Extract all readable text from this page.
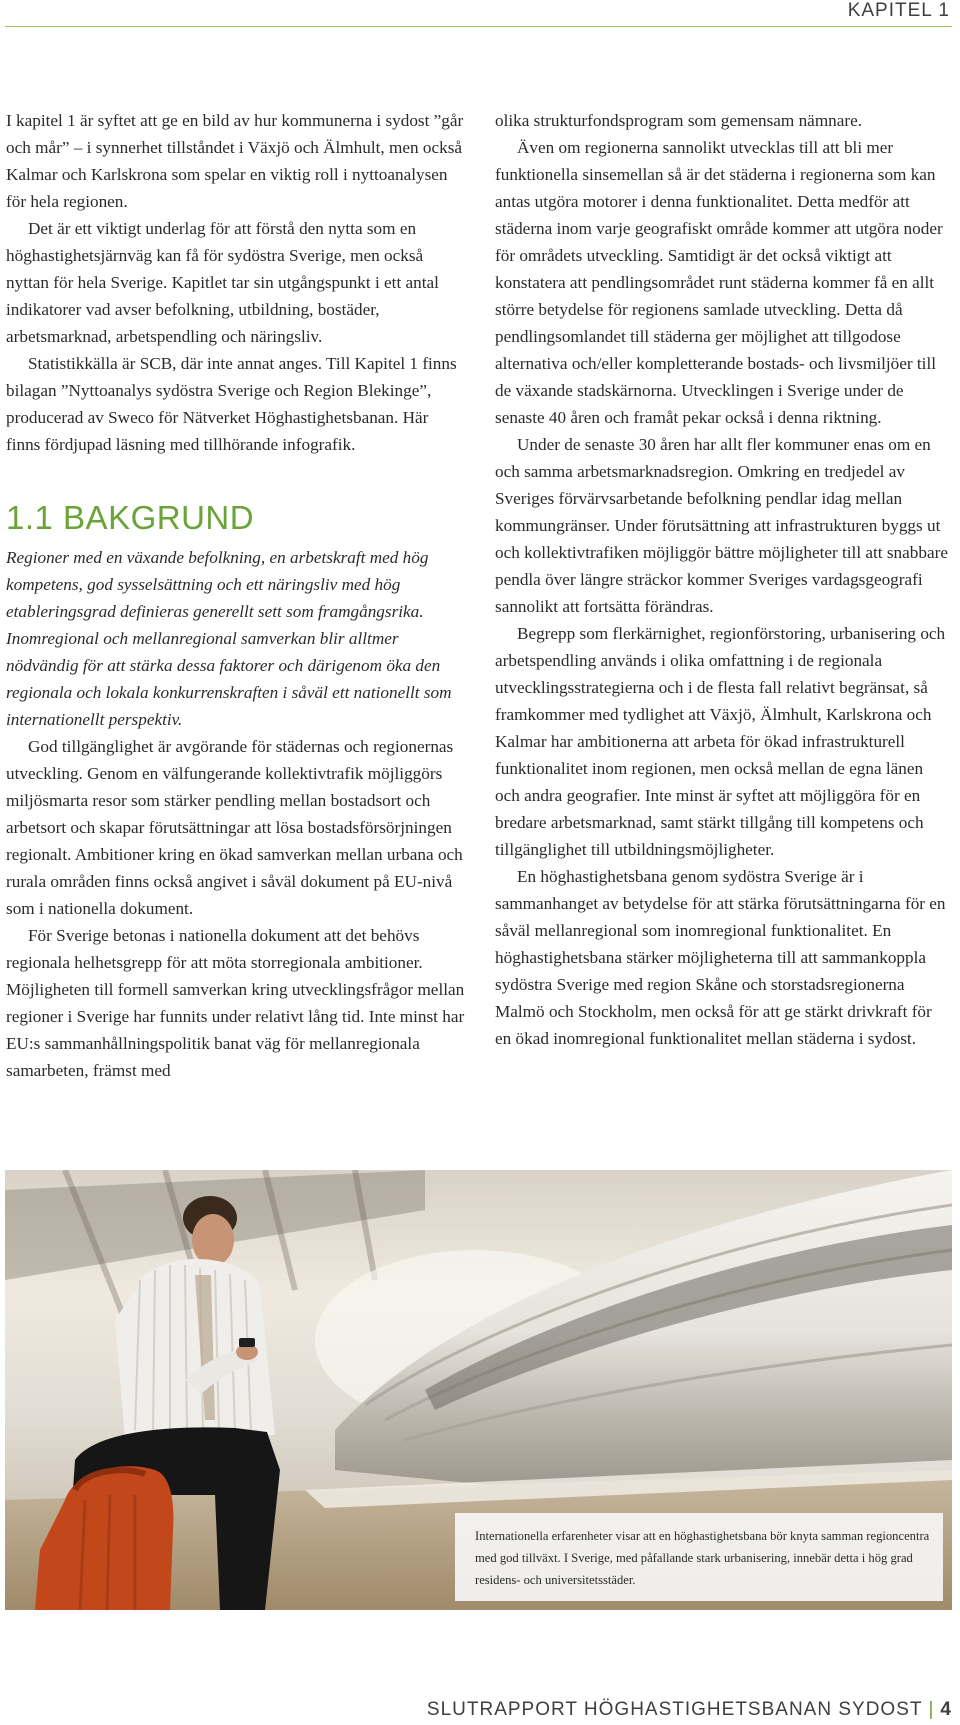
KAPITEL 1

I kapitel 1 är syftet att ge en bild av hur kommunerna i sydost ”går och mår” – i synnerhet tillståndet i Växjö och Älmhult, men också Kalmar och Karlskrona som spelar en viktig roll i nyttoanalysen för hela regionen.

Det är ett viktigt underlag för att förstå den nytta som en höghastighetsjärnväg kan få för sydöstra Sverige, men också nyttan för hela Sverige. Kapitlet tar sin utgångspunkt i ett antal indikatorer vad avser befolkning, utbildning, bostäder, arbetsmarknad, arbetspendling och näringsliv.

Statistikkälla är SCB, där inte annat anges. Till Kapitel 1 finns bilagan ”Nyttoanalys sydöstra Sverige och Region Blekinge”, producerad av Sweco för Nätverket Höghastighetsbanan. Här finns fördjupad läsning med tillhörande infografik.

1.1 BAKGRUND

Regioner med en växande befolkning, en arbetskraft med hög kompetens, god sysselsättning och ett näringsliv med hög etableringsgrad definieras generellt sett som framgångsrika. Inomregional och mellanregional samverkan blir alltmer nödvändig för att stärka dessa faktorer och därigenom öka den regionala och lokala konkurrenskraften i såväl ett nationellt som internationellt perspektiv.

God tillgänglighet är avgörande för städernas och regionernas utveckling. Genom en välfungerande kollektivtrafik möjliggörs miljösmarta resor som stärker pendling mellan bostadsort och arbetsort och skapar förutsättningar att lösa bostadsförsörjningen regionalt. Ambitioner kring en ökad samverkan mellan urbana och rurala områden finns också angivet i såväl dokument på EU-nivå som i nationella dokument.

För Sverige betonas i nationella dokument att det behövs regionala helhetsgrepp för att möta storregionala ambitioner. Möjligheten till formell samverkan kring utvecklingsfrågor mellan regioner i Sverige har funnits under relativt lång tid. Inte minst har EU:s sammanhållningspolitik banat väg för mellanregionala samarbeten, främst med

olika strukturfondsprogram som gemensam nämnare.

Även om regionerna sannolikt utvecklas till att bli mer funktionella sinsemellan så är det städerna i regionerna som kan antas utgöra motorer i denna funktionalitet. Detta medför att städerna inom varje geografiskt område kommer att utgöra noder för områdets utveckling. Samtidigt är det också viktigt att konstatera att pendlingsområdet runt städerna kommer få en allt större betydelse för regionens samlade utveckling. Detta då pendlingsomlandet till städerna ger möjlighet att tillgodose alternativa och/eller kompletterande bostads- och livsmiljöer till de växande stadskärnorna. Utvecklingen i Sverige under de senaste 40 åren och framåt pekar också i denna riktning.

Under de senaste 30 åren har allt fler kommuner enas om en och samma arbetsmarknadsregion. Omkring en tredjedel av Sveriges förvärvsarbetande befolkning pendlar idag mellan kommungränser. Under förutsättning att infrastrukturen byggs ut och kollektivtrafiken möjliggör bättre möjligheter till att snabbare pendla över längre sträckor kommer Sveriges vardagsgeografi sannolikt att fortsätta förändras.

Begrepp som flerkärnighet, regionförstoring, urbanisering och arbetspendling används i olika omfattning i de regionala utvecklingsstrategierna och i de flesta fall relativt begränsat, så framkommer med tydlighet att Växjö, Älmhult, Karlskrona och Kalmar har ambitionerna att arbeta för ökad infrastrukturell funktionalitet inom regionen, men också mellan de egna länen och andra geografier. Inte minst är syftet att möjliggöra för en bredare arbetsmarknad, samt stärkt tillgång till kompetens och tillgänglighet till utbildningsmöjligheter.

En höghastighetsbana genom sydöstra Sverige är i sammanhanget av betydelse för att stärka förutsättningarna för en såväl mellanregional som inomregional funktionalitet. En höghastighetsbana stärker möjligheterna till att sammankoppla sydöstra Sverige med region Skåne och storstadsregionerna Malmö och Stockholm, men också för att ge stärkt drivkraft för en ökad inomregional funktionalitet mellan städerna i sydost.

Internationella erfarenheter visar att en höghastighetsbana bör knyta samman regioncentra med god tillväxt. I Sverige, med påfallande stark urbanisering, innebär detta i hög grad residens- och universitetsstäder.
SLUTRAPPORT HÖGHASTIGHETSBANAN SYDOST | 4
